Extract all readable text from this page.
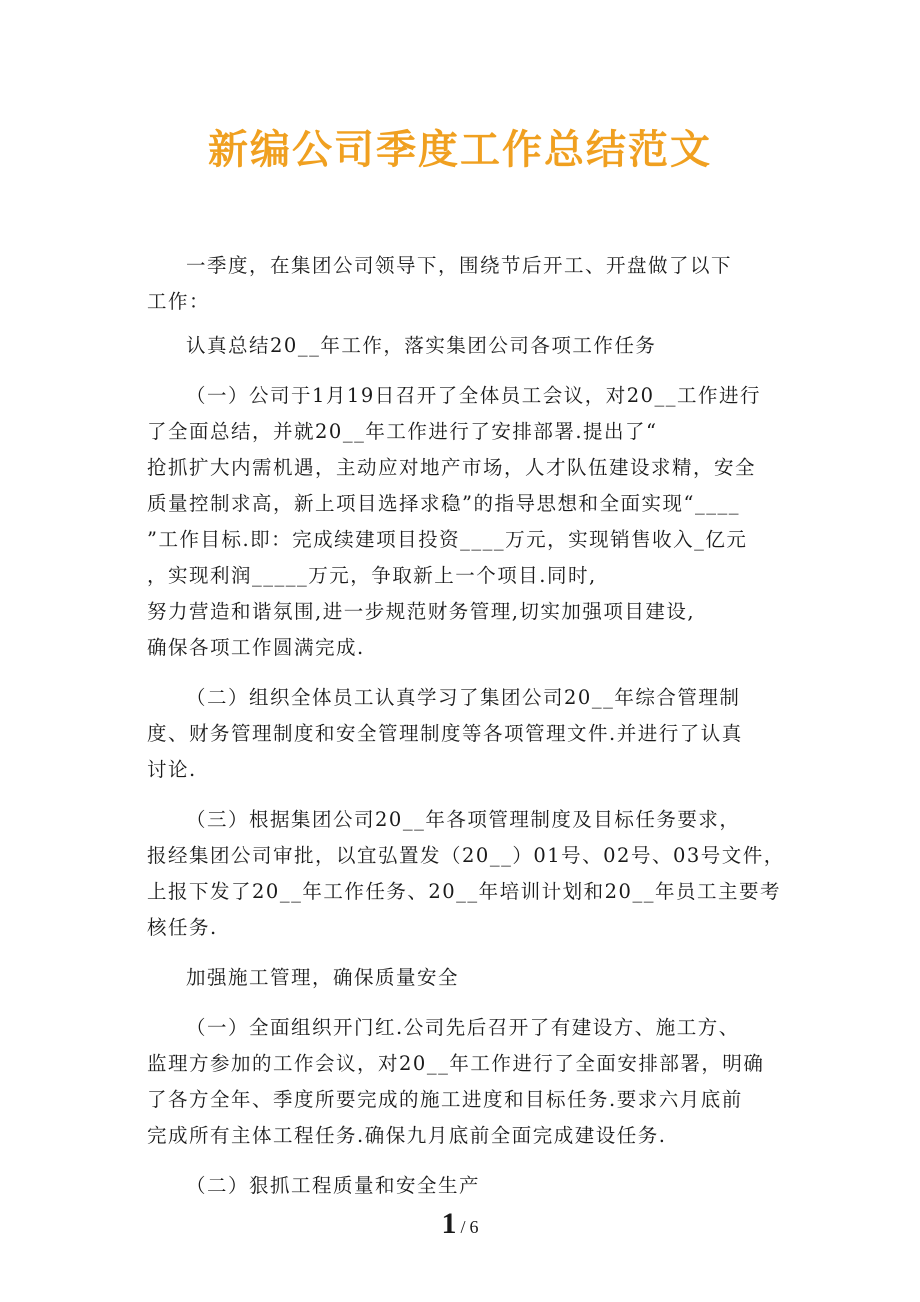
新编公司季度工作总结范文

一季度，在集团公司领导下，围绕节后开工、开盘做了以下
工作：

认真总结20__年工作，落实集团公司各项工作任务

（一）公司于1月19日召开了全体员工会议，对20__工作进行
了全面总结，并就20__年工作进行了安排部署.提出了“
抢抓扩大内需机遇，主动应对地产市场，人才队伍建设求精，安全
质量控制求高，新上项目选择求稳”的指导思想和全面实现“____
”工作目标.即：完成续建项目投资____万元，实现销售收入_亿元
，实现利润_____万元，争取新上一个项目.同时,
努力营造和谐氛围,进一步规范财务管理,切实加强项目建设,
确保各项工作圆满完成.

（二）组织全体员工认真学习了集团公司20__年综合管理制
度、财务管理制度和安全管理制度等各项管理文件.并进行了认真
讨论.

（三）根据集团公司20__年各项管理制度及目标任务要求，
报经集团公司审批，以宜弘置发（20__）01号、02号、03号文件，
上报下发了20__年工作任务、20__年培训计划和20__年员工主要考
核任务.

加强施工管理，确保质量安全

（一）全面组织开门红.公司先后召开了有建设方、施工方、
监理方参加的工作会议，对20__年工作进行了全面安排部署，明确
了各方全年、季度所要完成的施工进度和目标任务.要求六月底前
完成所有主体工程任务.确保九月底前全面完成建设任务.

（二）狠抓工程质量和安全生产

1 / 6
